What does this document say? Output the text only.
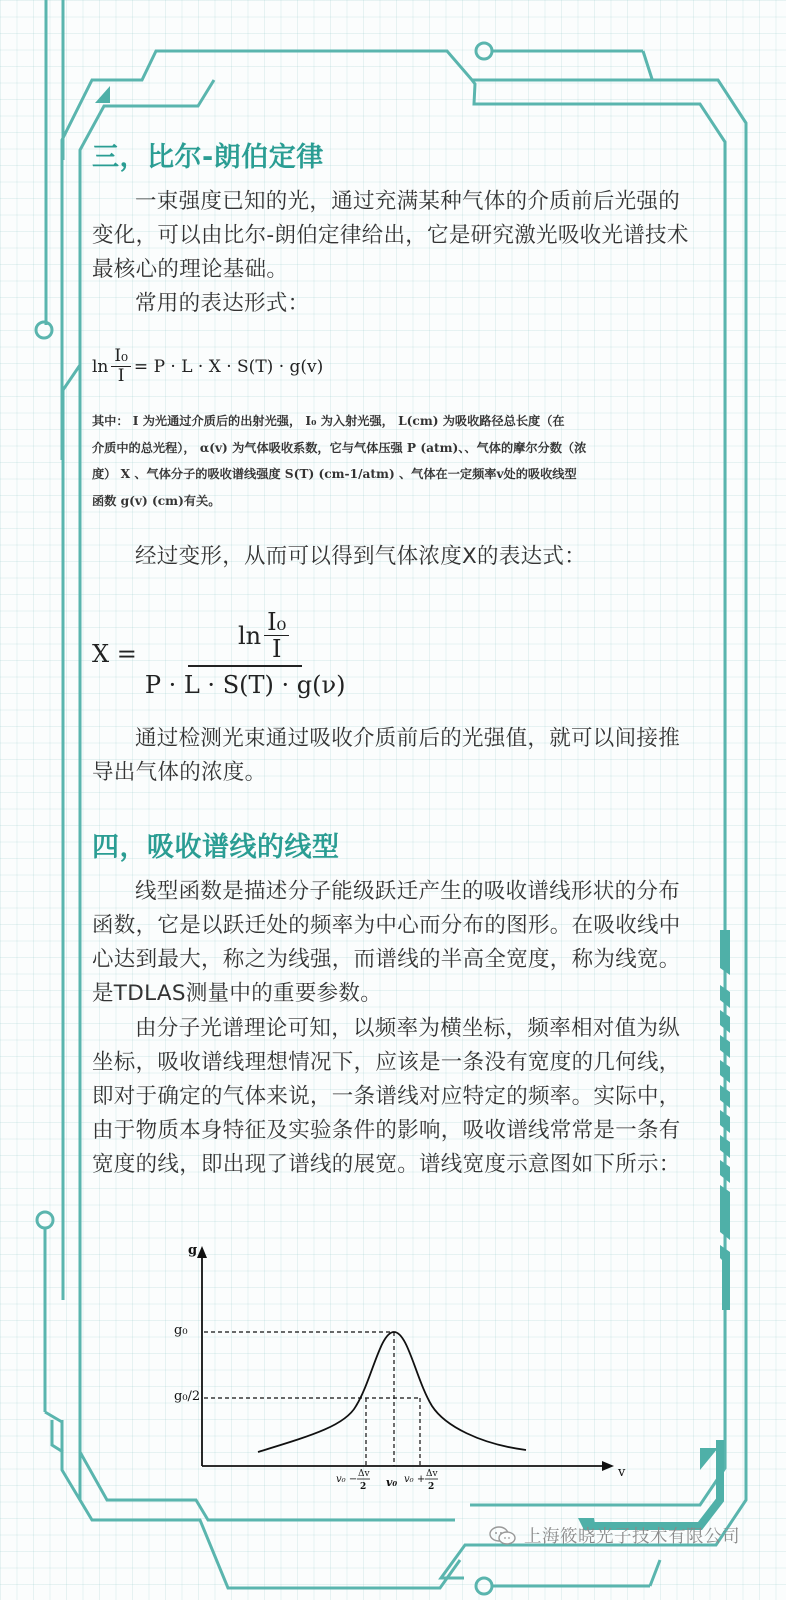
三，比尔-朗伯定律
一束强度已知的光，通过充满某种气体的介质前后光强的变化，可以由比尔-朗伯定律给出，它是研究激光吸收光谱技术最核心的理论基础。
常用的表达形式：
$\ln \frac{\text{I₀}}{I} = P \cdot L \cdot X \cdot S(T) \cdot g(v)$
其中： I 为光通过介质后的出射光强， I₀ 为入射光强， L(cm) 为吸收路径总长度（在
介质中的总光程）， α(v) 为气体吸收系数，它与气体压强 P (atm)、、气体的摩尔分数（浓
度） X 、气体分子的吸收谱线强度 S(T) (cm-1/atm) 、气体在一定频率v处的吸收线型
函数 g(v) (cm)有关。
经过变形，从而可以得到气体浓度X的表达式：
$X = \frac{\ln \frac{\text{I₀}}{I}}{P \cdot L \cdot S(T) \cdot g(\nu)}$
通过检测光束通过吸收介质前后的光强值，就可以间接推导出气体的浓度。
四，吸收谱线的线型
线型函数是描述分子能级跃迁产生的吸收谱线形状的分布函数，它是以跃迁处的频率为中心而分布的图形。在吸收线中心达到最大，称之为线强，而谱线的半高全宽度，称为线宽。是TDLAS测量中的重要参数。
由分子光谱理论可知，以频率为横坐标，频率相对值为纵坐标，吸收谱线理想情况下，应该是一条没有宽度的几何线，即对于确定的气体来说，一条谱线对应特定的频率。实际中，由于物质本身特征及实验条件的影响，吸收谱线常常是一条有宽度的线，即出现了谱线的展宽。谱线宽度示意图如下所示：
g
v
g₀
g₀/2
v₀ − Δv
2 v₀ v₀ + Δv
2
上海筱晓光子技术有限公司
